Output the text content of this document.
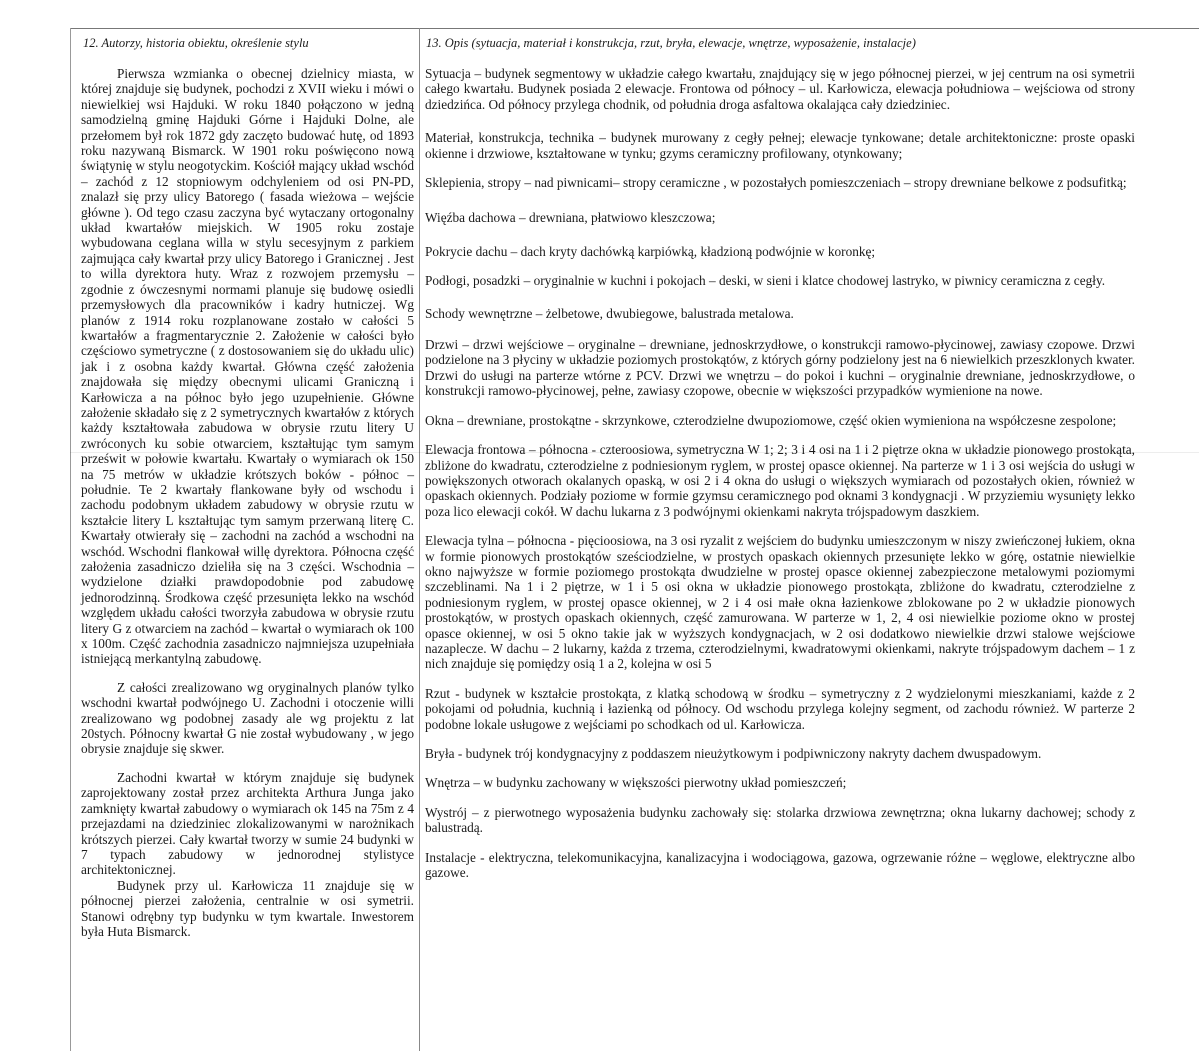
12. Autorzy, historia obiektu, określenie stylu	13. Opis (sytuacja, materiał i konstrukcja, rzut, bryła, elewacje, wnętrze, wyposażenie, instalacje)

Pierwsza wzmianka o obecnej dzielnicy miasta, w której znajduje się budynek, pochodzi z XVII wieku i mówi o niewielkiej wsi Hajduki. W roku 1840 połączono w jedną samodzielną gminę Hajduki Górne i Hajduki Dolne, ale przełomem był rok 1872 gdy zaczęto budować hutę, od 1893 roku nazywaną Bismarck. W 1901 roku poświęcono nową świątynię w stylu neogotyckim. Kościół mający układ wschód – zachód z 12 stopniowym odchyleniem od osi PN-PD, znalazł się przy ulicy Batorego ( fasada wieżowa – wejście główne ). Od tego czasu zaczyna być wytaczany ortogonalny układ kwartałów miejskich. W 1905 roku zostaje wybudowana ceglana willa w stylu secesyjnym z parkiem zajmująca cały kwartał przy ulicy Batorego i Granicznej . Jest to willa dyrektora huty. Wraz z rozwojem przemysłu – zgodnie z ówczesnymi normami planuje się budowę osiedli przemysłowych dla pracowników i kadry hutniczej. Wg planów z 1914 roku rozplanowane zostało w całości 5 kwartałów a fragmentarycznie 2. Założenie w całości było częściowo symetryczne ( z dostosowaniem się do układu ulic) jak i z osobna każdy kwartał. Główna część założenia znajdowała się między obecnymi ulicami Graniczną i Karłowicza a na północ było jego uzupełnienie. Główne założenie składało się z 2 symetrycznych kwartałów z których każdy kształtowała zabudowa w obrysie rzutu litery U zwróconych ku sobie otwarciem, kształtując tym samym prześwit w połowie kwartału. Kwartały o wymiarach ok 150 na 75 metrów w układzie krótszych boków - północ – południe. Te 2 kwartały flankowane były od wschodu i zachodu podobnym układem zabudowy w obrysie rzutu w kształcie litery L kształtując tym samym przerwaną literę C. Kwartały otwierały się – zachodni na zachód a wschodni na wschód. Wschodni flankował willę dyrektora. Północna część założenia zasadniczo dzieliła się na 3 części. Wschodnia – wydzielone działki prawdopodobnie pod zabudowę jednorodzinną. Środkowa część przesunięta lekko na wschód względem układu całości tworzyła zabudowa w obrysie rzutu litery G z otwarciem na zachód – kwartał o wymiarach ok 100 x 100m. Część zachodnia zasadniczo najmniejsza uzupełniała istniejącą merkantylną zabudowę.

Z całości zrealizowano wg oryginalnych planów tylko wschodni kwartał podwójnego U. Zachodni i otoczenie willi zrealizowano wg podobnej zasady ale wg projektu z lat 20stych. Północny kwartał G nie został wybudowany , w jego obrysie znajduje się skwer.

Zachodni kwartał w którym znajduje się budynek zaprojektowany został przez architekta Arthura Junga jako zamknięty kwartał zabudowy o wymiarach ok 145 na 75m z 4 przejazdami na dziedziniec zlokalizowanymi w narożnikach krótszych pierzei. Cały kwartał tworzy w sumie 24 budynki w 7 typach zabudowy w jednorodnej stylistyce architektonicznej.

Budynek przy ul. Karłowicza 11 znajduje się w północnej pierzei założenia, centralnie w osi symetrii. Stanowi odrębny typ budynku w tym kwartale. Inwestorem była Huta Bismarck.

Sytuacja – budynek segmentowy w układzie całego kwartału, znajdujący się w jego północnej pierzei, w jej centrum na osi symetrii całego kwartału. Budynek posiada 2 elewacje. Frontowa od północy – ul. Karłowicza, elewacja południowa – wejściowa od strony dziedzińca. Od północy przylega chodnik, od południa droga asfaltowa okalająca cały dziedziniec.

Materiał, konstrukcja, technika – budynek murowany z cegły pełnej; elewacje tynkowane; detale architektoniczne: proste opaski okienne i drzwiowe, kształtowane w tynku; gzyms ceramiczny profilowany, otynkowany;

Sklepienia, stropy – nad piwnicami– stropy ceramiczne , w pozostałych pomieszczeniach – stropy drewniane belkowe z podsufitką;

Więźba dachowa – drewniana, płatwiowo kleszczowa;

Pokrycie dachu – dach kryty dachówką karpiówką, kładzioną podwójnie w koronkę;

Podłogi, posadzki – oryginalnie w kuchni i pokojach – deski, w sieni i klatce chodowej lastryko, w piwnicy ceramiczna z cegły.

Schody wewnętrzne – żelbetowe, dwubiegowe, balustrada metalowa.

Drzwi – drzwi wejściowe – oryginalne – drewniane, jednoskrzydłowe, o konstrukcji ramowo-płycinowej, zawiasy czopowe. Drzwi podzielone na 3 płyciny w układzie poziomych prostokątów, z których górny podzielony jest na 6 niewielkich przeszklonych kwater. Drzwi do usługi na parterze wtórne z PCV. Drzwi we wnętrzu – do pokoi i kuchni – oryginalnie drewniane, jednoskrzydłowe, o konstrukcji ramowo-płycinowej, pełne, zawiasy czopowe, obecnie w większości przypadków wymienione na nowe.

Okna – drewniane, prostokątne - skrzynkowe, czterodzielne dwupoziomowe, część okien wymieniona na współczesne zespolone;

Elewacja frontowa – północna - czteroosiowa, symetryczna W 1; 2; 3 i 4 osi na 1 i 2 piętrze okna w układzie pionowego prostokąta, zbliżone do kwadratu, czterodzielne z podniesionym ryglem, w prostej opasce okiennej. Na parterze w 1 i 3 osi wejścia do usługi w powiększonych otworach okalanych opaską, w osi 2 i 4 okna do usługi o większych wymiarach od pozostałych okien, również w opaskach okiennych. Podziały poziome w formie gzymsu ceramicznego pod oknami 3 kondygnacji . W przyziemiu wysunięty lekko poza lico elewacji cokół. W dachu lukarna z 3 podwójnymi okienkami nakryta trójspadowym daszkiem.

Elewacja tylna – północna - pięcioosiowa, na 3 osi ryzalit z wejściem do budynku umieszczonym w niszy zwieńczonej łukiem, okna w formie pionowych prostokątów sześciodzielne, w prostych opaskach okiennych przesunięte lekko w górę, ostatnie niewielkie okno najwyższe w formie poziomego prostokąta dwudzielne w prostej opasce okiennej zabezpieczone metalowymi poziomymi szczeblinami. Na 1 i 2 piętrze, w 1 i 5 osi okna w układzie pionowego prostokąta, zbliżone do kwadratu, czterodzielne z podniesionym ryglem, w prostej opasce okiennej, w 2 i 4 osi małe okna łazienkowe zblokowane po 2 w układzie pionowych prostokątów, w prostych opaskach okiennych, część zamurowana. W parterze w 1, 2, 4 osi niewielkie poziome okno w prostej opasce okiennej, w osi 5 okno takie jak w wyższych kondygnacjach, w 2 osi dodatkowo niewielkie drzwi stalowe wejściowe nazaplecze. W dachu – 2 lukarny, każda z trzema, czterodzielnymi, kwadratowymi okienkami, nakryte trójspadowym dachem – 1 z nich znajduje się pomiędzy osią 1 a 2, kolejna w osi 5

Rzut - budynek w kształcie prostokąta, z klatką schodową w środku – symetryczny z 2 wydzielonymi mieszkaniami, każde z 2 pokojami od południa, kuchnią i łazienką od północy. Od wschodu przylega kolejny segment, od zachodu również. W parterze 2 podobne lokale usługowe z wejściami po schodkach od ul. Karłowicza.

Bryła - budynek trój kondygnacyjny z poddaszem nieużytkowym i podpiwniczony nakryty dachem dwuspadowym.

Wnętrza – w budynku zachowany w większości pierwotny układ pomieszczeń;

Wystrój – z pierwotnego wyposażenia budynku zachowały się: stolarka drzwiowa zewnętrzna; okna lukarny dachowej; schody z balustradą.

Instalacje - elektryczna, telekomunikacyjna, kanalizacyjna i wodociągowa, gazowa, ogrzewanie różne – węglowe, elektryczne albo gazowe.
